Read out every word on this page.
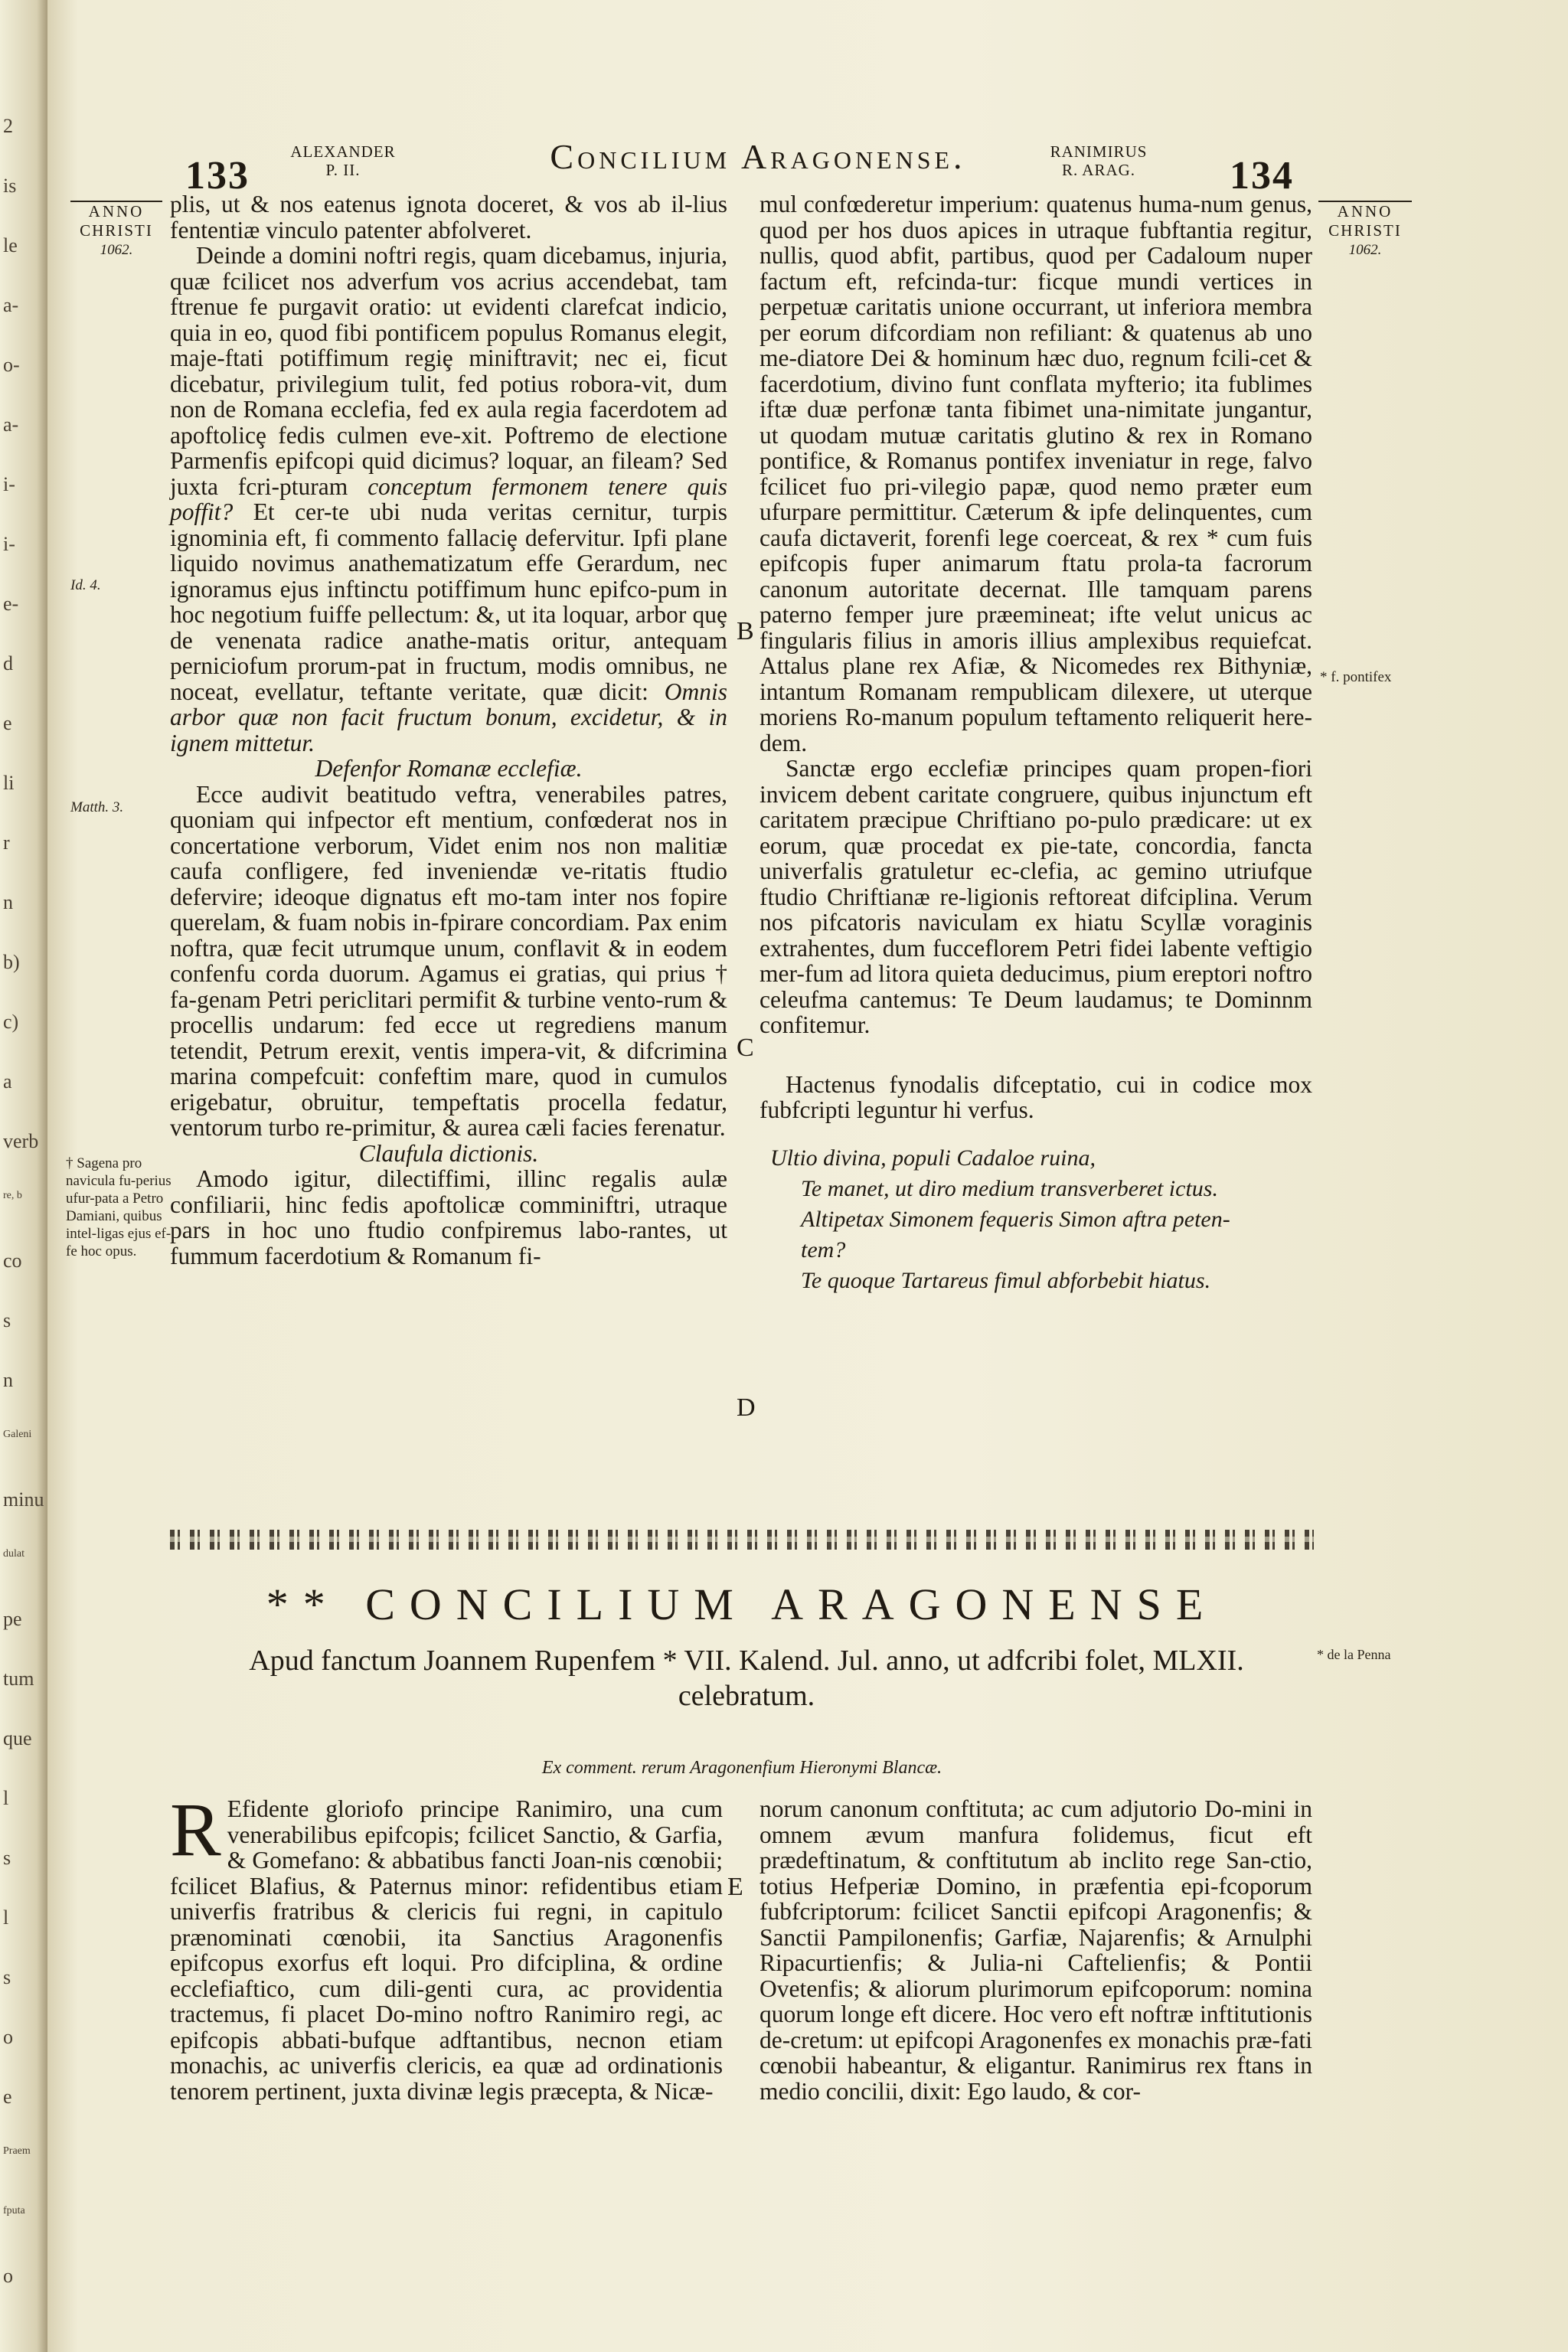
2
is
le
a-
o-
a-
i-
i-
e-
d
e
li
r
n
b)
c)
a
verb
re, b
co
s
n
Galeni
minu
dulat
pe
tum
que
l
s
l
s
o
e
Praem
fputa
o
133
ALEXANDER
P. II.	Concilium Aragonense.	RANIMIRUS
R. ARAG.	134
ANNO
CHRISTI
1062.
ANNO
CHRISTI
1062.
Id. 4.
Matth. 3.
† Sagena pro navicula fu-perius ufur-pata a Petro Damiani, quibus intel-ligas ejus ef-fe hoc opus.
* f. pontifex
* de la Penna
B
C
D
E

plis, ut & nos eatenus ignota doceret, & vos ab il-lius fententiæ vinculo patenter abfolveret.

Deinde a domini noftri regis, quam dicebamus, injuria, quæ fcilicet nos adverfum vos acrius accendebat, tam ftrenue fe purgavit oratio: ut evidenti clarefcat indicio, quia in eo, quod fibi pontificem populus Romanus elegit, maje-ftati potiffimum regiȩ miniftravit; nec ei, ficut dicebatur, privilegium tulit, fed potius robora-vit, dum non de Romana ecclefia, fed ex aula regia facerdotem ad apoftolicȩ fedis culmen eve-xit. Poftremo de electione Parmenfis epifcopi quid dicimus? loquar, an fileam? Sed juxta fcri-pturam conceptum fermonem tenere quis poffit? Et cer-te ubi nuda veritas cernitur, turpis ignominia eft, fi commento fallaciȩ defervitur. Ipfi plane liquido novimus anathematizatum effe Gerardum, nec ignoramus ejus inftinctu potiffimum hunc epifco-pum in hoc negotium fuiffe pellectum: &, ut ita loquar, arbor quȩ de venenata radice anathe-matis oritur, antequam perniciofum prorum-pat in fructum, modis omnibus, ne noceat, evellatur, teftante veritate, quæ dicit: Omnis arbor quæ non facit fructum bonum, excidetur, & in ignem mittetur.

Defenfor Romanæ ecclefiæ.

Ecce audivit beatitudo veftra, venerabiles patres, quoniam qui infpector eft mentium, confœderat nos in concertatione verborum, Videt enim nos non malitiæ caufa confligere, fed inveniendæ ve-ritatis ftudio defervire; ideoque dignatus eft mo-tam inter nos fopire querelam, & fuam nobis in-fpirare concordiam. Pax enim noftra, quæ fecit utrumque unum, conflavit & in eodem confenfu corda duorum. Agamus ei gratias, qui prius † fa-genam Petri periclitari permifit & turbine vento-rum & procellis undarum: fed ecce ut regrediens manum tetendit, Petrum erexit, ventis impera-vit, & difcrimina marina compefcuit: confeftim mare, quod in cumulos erigebatur, obruitur, tempeftatis procella fedatur, ventorum turbo re-primitur, & aurea cæli facies ferenatur.

Claufula dictionis.

Amodo igitur, dilectiffimi, illinc regalis aulæ confiliarii, hinc fedis apoftolicæ comminiftri, utraque pars in hoc uno ftudio confpiremus labo-rantes, ut fummum facerdotium & Romanum fi-

mul confœderetur imperium: quatenus huma-num genus, quod per hos duos apices in utraque fubftantia regitur, nullis, quod abfit, partibus, quod per Cadaloum nuper factum eft, refcinda-tur: ficque mundi vertices in perpetuæ caritatis unione occurrant, ut inferiora membra per eorum difcordiam non refiliant: & quatenus ab uno me-diatore Dei & hominum hæc duo, regnum fcili-cet & facerdotium, divino funt conflata myfterio; ita fublimes iftæ duæ perfonæ tanta fibimet una-nimitate jungantur, ut quodam mutuæ caritatis glutino & rex in Romano pontifice, & Romanus pontifex inveniatur in rege, falvo fcilicet fuo pri-vilegio papæ, quod nemo præter eum ufurpare permittitur. Cæterum & ipfe delinquentes, cum caufa dictaverit, forenfi lege coerceat, & rex * cum fuis epifcopis fuper animarum ftatu prola-ta facrorum canonum autoritate decernat. Ille tamquam parens paterno femper jure præemineat; ifte velut unicus ac fingularis filius in amoris illius amplexibus requiefcat. Attalus plane rex Afiæ, & Nicomedes rex Bithyniæ, intantum Romanam rempublicam dilexere, ut uterque moriens Ro-manum populum teftamento reliquerit here-dem.

Sanctæ ergo ecclefiæ principes quam propen-fiori invicem debent caritate congruere, quibus injunctum eft caritatem præcipue Chriftiano po-pulo prædicare: ut ex eorum, quæ procedat ex pie-tate, concordia, fancta univerfalis gratuletur ec-clefia, ac gemino utriufque ftudio Chriftianæ re-ligionis reftoreat difciplina. Verum nos pifcatoris naviculam ex hiatu Scyllæ voraginis extrahentes, dum fucceflorem Petri fidei labente veftigio mer-fum ad litora quieta deducimus, pium ereptori noftro celeufma cantemus: Te Deum laudamus; te Dominnm confitemur.

Hactenus fynodalis difceptatio, cui in codice mox fubfcripti leguntur hi verfus.

Ultio divina, populi Cadaloe ruina,

Te manet, ut diro medium transverberet ictus.

Altipetax Simonem fequeris Simon aftra peten-

tem?

Te quoque Tartareus fimul abforbebit hiatus.

** CONCILIUM ARAGONENSE
Apud fanctum Joannem Rupenfem * VII. Kalend. Jul. anno, ut adfcribi folet, MLXII. celebratum.
Ex comment. rerum Aragonenfium Hieronymi Blancæ.
R Efidente gloriofo principe Ranimiro, una cum venerabilibus epifcopis; fcilicet Sanctio, & Garfia, & Gomefano: & abbatibus fancti Joan-nis cœnobii; fcilicet Blafius, & Paternus minor: refidentibus etiam univerfis fratribus & clericis fui regni, in capitulo prænominati cœnobii, ita Sanctius Aragonenfis epifcopus exorfus eft loqui. Pro difciplina, & ordine ecclefiaftico, cum dili-genti cura, ac providentia tractemus, fi placet Do-mino noftro Ranimiro regi, ac epifcopis abbati-bufque adftantibus, necnon etiam monachis, ac univerfis clericis, ea quæ ad ordinationis tenorem pertinent, juxta divinæ legis præcepta, & Nicæ-

norum canonum conftituta; ac cum adjutorio Do-mini in omnem ævum manfura folidemus, ficut eft prædeftinatum, & conftitutum ab inclito rege San-ctio, totius Hefperiæ Domino, in præfentia epi-fcoporum fubfcriptorum: fcilicet Sanctii epifcopi Aragonenfis; & Sanctii Pampilonenfis; Garfiæ, Najarenfis; & Arnulphi Ripacurtienfis; & Julia-ni Caftelienfis; & Pontii Ovetenfis; & aliorum plurimorum epifcoporum: nomina quorum longe eft dicere. Hoc vero eft noftræ inftitutionis de-cretum: ut epifcopi Aragonenfes ex monachis præ-fati cœnobii habeantur, & eligantur. Ranimirus rex ftans in medio concilii, dixit: Ego laudo, & cor-
